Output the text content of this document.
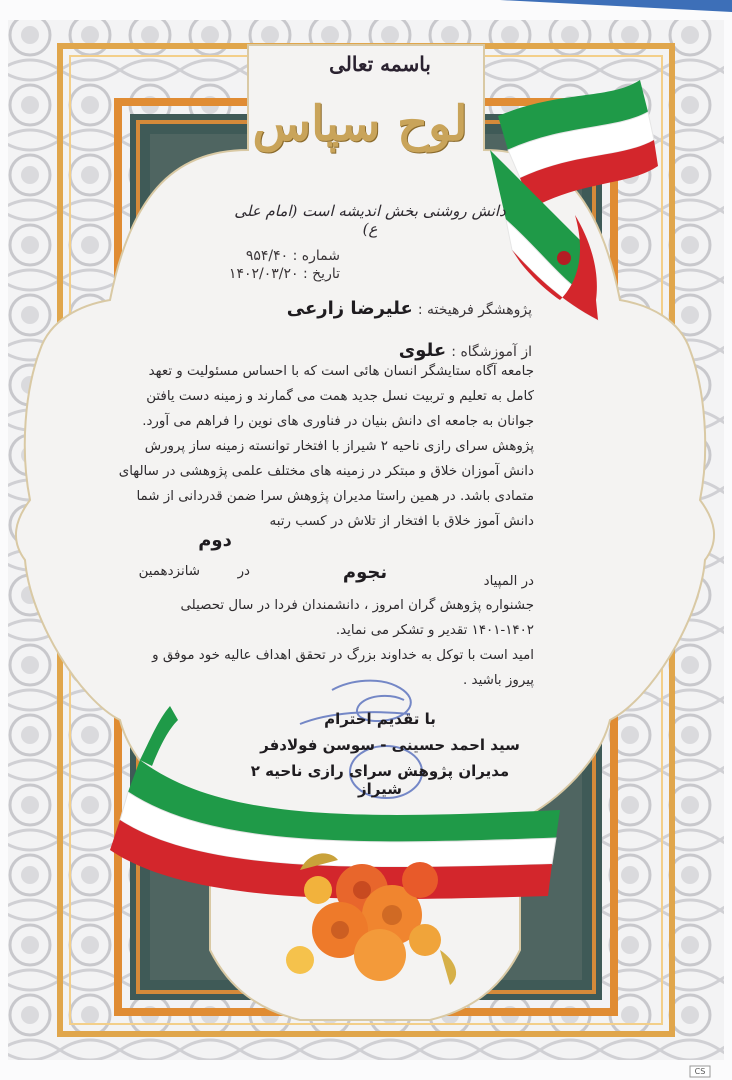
باسمه تعالی
لوح سپاس
دانش روشنی بخش اندیشه است (امام علی ع)
شماره : ۹۵۴/۴۰
تاریخ : ۱۴۰۲/۰۳/۲۰
پژوهشگر فرهیخته : علیرضا زارعی
از آموزشگاه : علوی
جامعه آگاه ستایشگر انسان هائی است که با احساس مسئولیت و تعهد
کامل به تعلیم و تربیت نسل جدید همت می گمارند و زمینه دست یافتن
جوانان به جامعه ای دانش بنیان در فناوری های نوین را فراهم می آورد.
پژوهش سرای رازی ناحیه ۲ شیراز با افتخار توانسته زمینه ساز پرورش
دانش آموزان خلاق و مبتکر در زمینه های مختلف علمی پژوهشی در سالهای
متمادی باشد. در همین راستا مدیران پژوهش سرا ضمن قدردانی از شما
دانش آموز خلاق با افتخار از تلاش در کسب رتبه
دوم
در
شانزدهمین	نجوم	در المپیاد
جشنواره پژوهش گران امروز ، دانشمندان فردا در سال تحصیلی
۱۴۰۱-۱۴۰۲ تقدیر و تشکر می نماید.
امید است با توکل به خداوند بزرگ در تحقق اهداف عالیه خود موفق و
پیروز باشید .
با تقدیم احترام
سید احمد حسینی - سوسن فولادفر
مدیران پژوهش سرای رازی ناحیه ۲ شیراز
CS
